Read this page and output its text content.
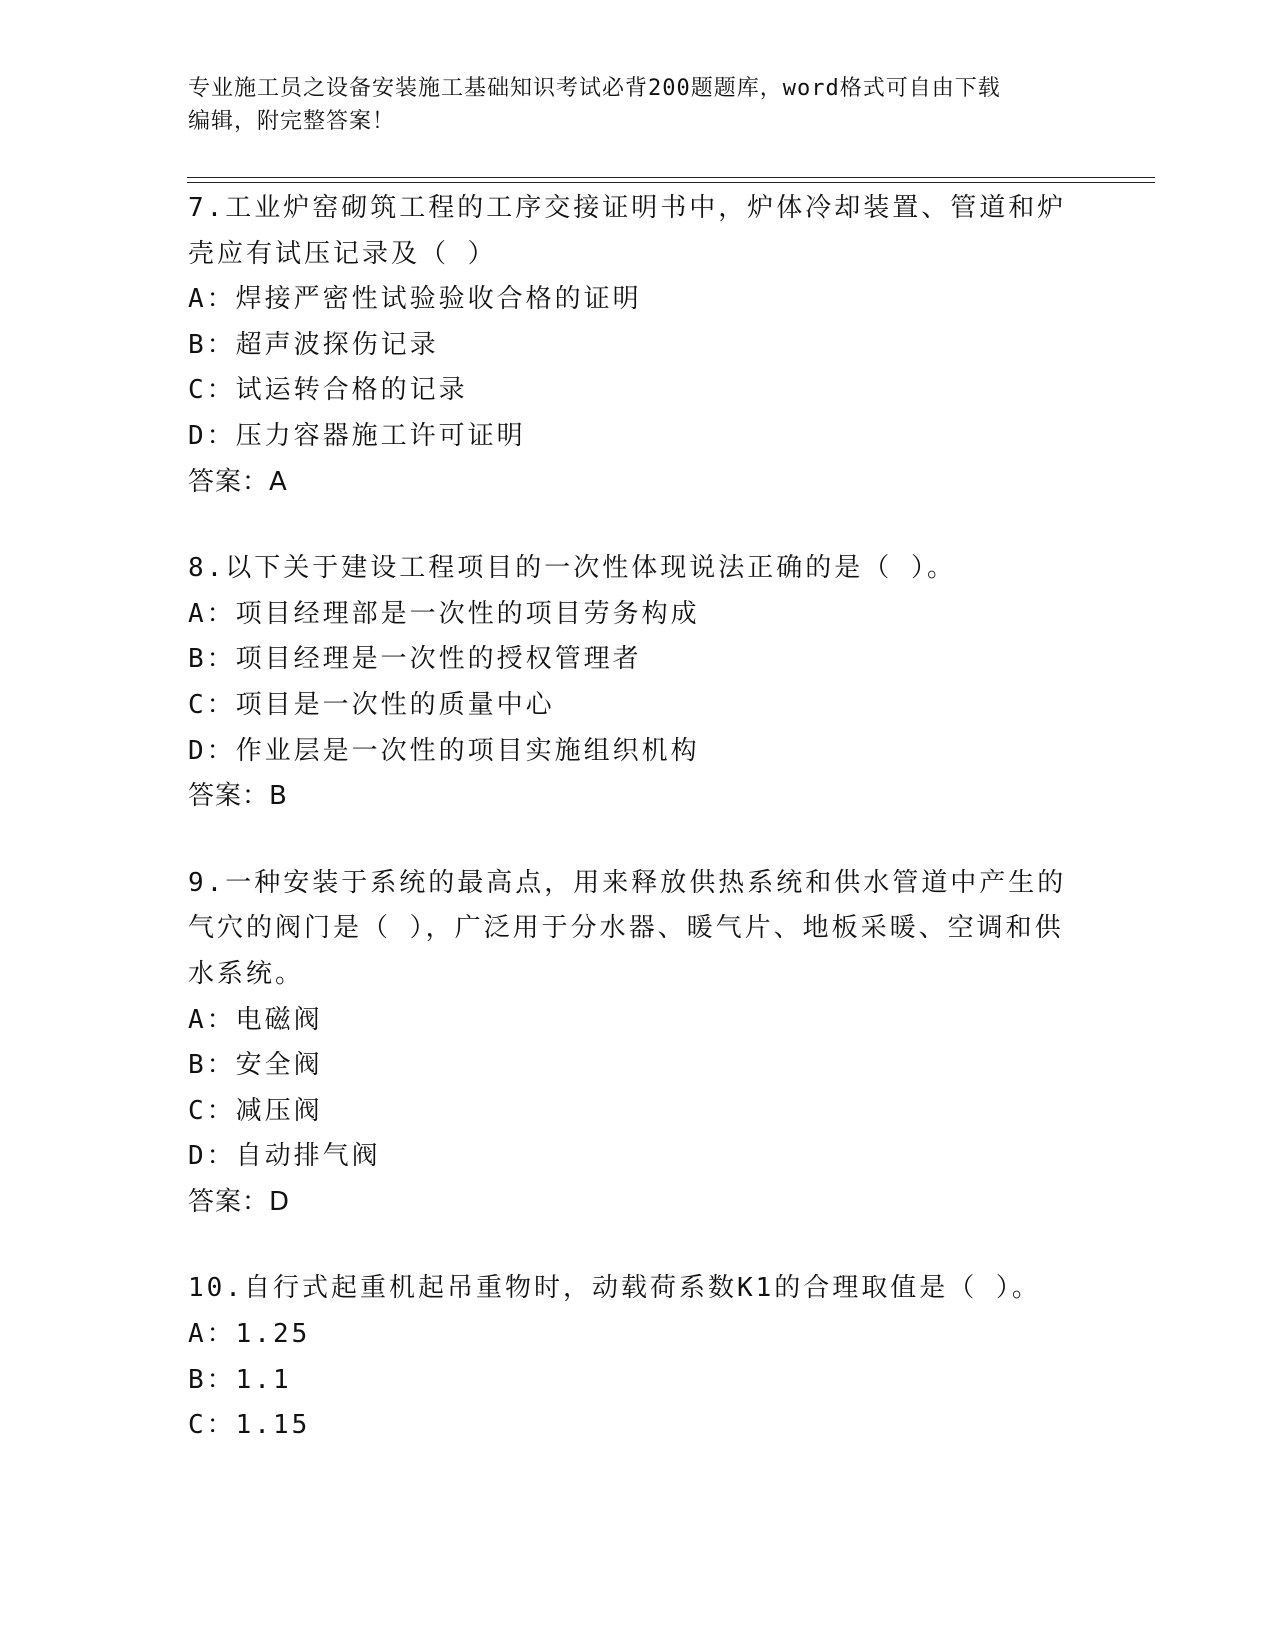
专业施工员之设备安装施工基础知识考试必背200题题库，word格式可自由下载
编辑，附完整答案！
7.工业炉窑砌筑工程的工序交接证明书中，炉体冷却装置、管道和炉
壳应有试压记录及（ ）
A：焊接严密性试验验收合格的证明
B：超声波探伤记录
C：试运转合格的记录
D：压力容器施工许可证明
答案：A
8.以下关于建设工程项目的一次性体现说法正确的是（ ）。
A：项目经理部是一次性的项目劳务构成
B：项目经理是一次性的授权管理者
C：项目是一次性的质量中心
D：作业层是一次性的项目实施组织机构
答案：B
9.一种安装于系统的最高点，用来释放供热系统和供水管道中产生的
气穴的阀门是（ ），广泛用于分水器、暖气片、地板采暖、空调和供
水系统。
A：电磁阀
B：安全阀
C：减压阀
D：自动排气阀
答案：D
10.自行式起重机起吊重物时，动载荷系数K1的合理取值是（ ）。
A：1.25
B：1.1
C：1.15
